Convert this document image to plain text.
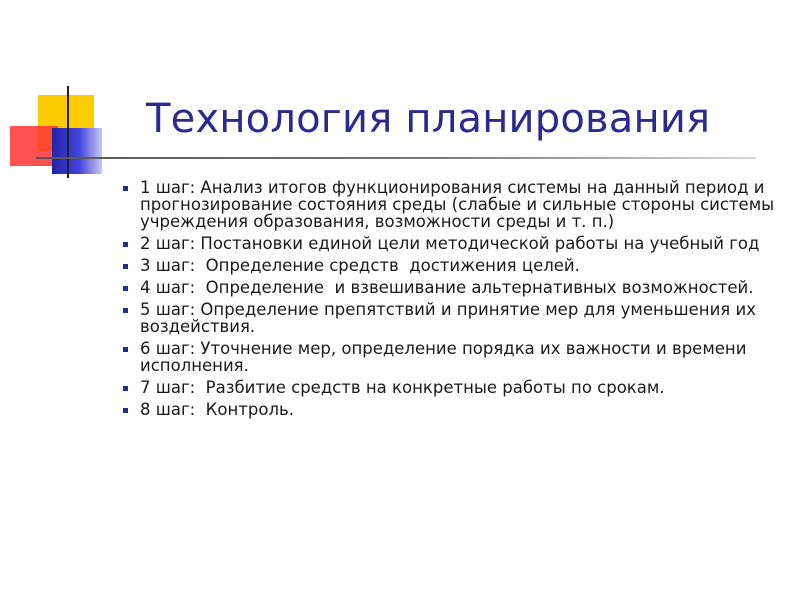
Технология планирования
1 шаг: Анализ итогов функционирования системы на данный период и прогнозирование состояния среды (слабые и сильные стороны системы учреждения образования, возможности среды и т. п.)
2 шаг: Постановки единой цели методической работы на учебный год
3 шаг:  Определение средств  достижения целей.
4 шаг:  Определение  и взвешивание альтернативных возможностей.
5 шаг: Определение препятствий и принятие мер для уменьшения их воздействия.
6 шаг: Уточнение мер, определение порядка их важности и времени исполнения.
7 шаг:  Разбитие средств на конкретные работы по срокам.
8 шаг:  Контроль.
